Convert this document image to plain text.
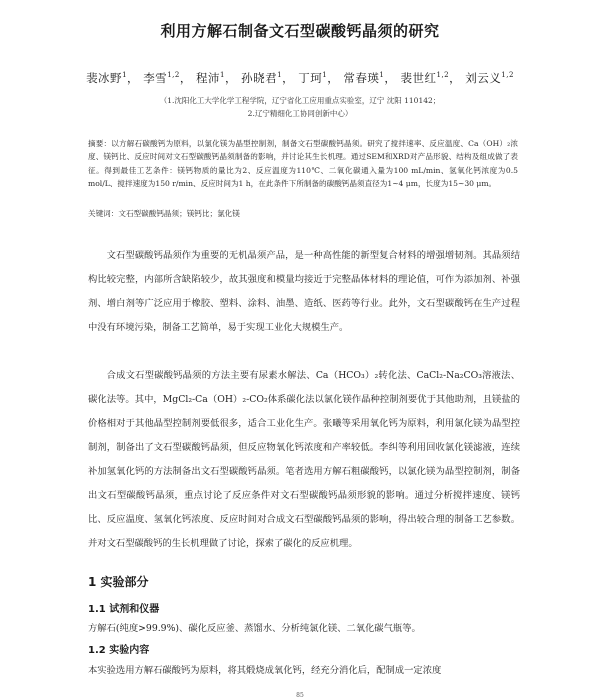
利用方解石制备文石型碳酸钙晶须的研究
裴冰野$^1$， 李雪$^{1,2}$， 程沛$^1$， 孙晓君$^1$， 丁珂$^1$， 常春瑛$^1$， 裴世红$^{1,2}$， 刘云义$^{1,2}$
（1.沈阳化工大学化学工程学院，辽宁省化工应用重点实验室，辽宁 沈阳 110142；
2.辽宁精细化工协同创新中心）
摘要：以方解石碳酸钙为原料，以氯化镁为晶型控制剂，制备文石型碳酸钙晶须。研究了搅拌速率、反应温度、Ca（OH）₂浓度、镁钙比、反应时间对文石型碳酸钙晶须制备的影响，并讨论其生长机理。通过SEM和XRD对产品形貌、结构及组成做了表征。得到最佳工艺条件：镁钙物质的量比为2、反应温度为110℃、二氧化碳通入量为100 mL/min、氢氧化钙浓度为0.5 mol/L、搅拌速度为150 r/min、反应时间为1 h，在此条件下所制备的碳酸钙晶须直径为1~4 μm，长度为15~30 μm。
关键词：文石型碳酸钙晶须；镁钙比；氯化镁
文石型碳酸钙晶须作为重要的无机晶须产品，是一种高性能的新型复合材料的增强增韧剂。其晶须结构比较完整，内部所含缺陷较少，故其强度和模量均接近于完整晶体材料的理论值，可作为添加剂、补强剂、增白剂等广泛应用于橡胶、塑料、涂料、油墨、造纸、医药等行业。此外，文石型碳酸钙在生产过程中没有环境污染，制备工艺简单，易于实现工业化大规模生产。
合成文石型碳酸钙晶须的方法主要有尿素水解法、Ca（HCO₃）₂转化法、CaCl₂-Na₂CO₃溶液法、碳化法等。其中，MgCl₂-Ca（OH）₂-CO₂体系碳化法以氯化镁作晶种控制剂要优于其他助剂，且镁盐的价格相对于其他晶型控制剂要低很多，适合工业化生产。张曦等采用氧化钙为原料，利用氯化镁为晶型控制剂，制备出了文石型碳酸钙晶须，但反应物氧化钙浓度和产率较低。李纠等利用回收氯化镁滤液，连续补加氢氧化钙的方法制备出文石型碳酸钙晶须。笔者选用方解石粗碳酸钙，以氯化镁为晶型控制剂，制备出文石型碳酸钙晶须，重点讨论了反应条件对文石型碳酸钙晶须形貌的影响。通过分析搅拌速度、镁钙比、反应温度、氢氧化钙浓度、反应时间对合成文石型碳酸钙晶须的影响，得出较合理的制备工艺参数。并对文石型碳酸钙的生长机理做了讨论，探索了碳化的反应机理。
1 实验部分
1.1 试剂和仪器
方解石(纯度>99.9%)、碳化反应釜、蒸馏水、分析纯氯化镁、二氧化碳气瓶等。
1.2 实验内容
本实验选用方解石碳酸钙为原料，将其煅烧成氧化钙，经充分消化后，配制成一定浓度
85
